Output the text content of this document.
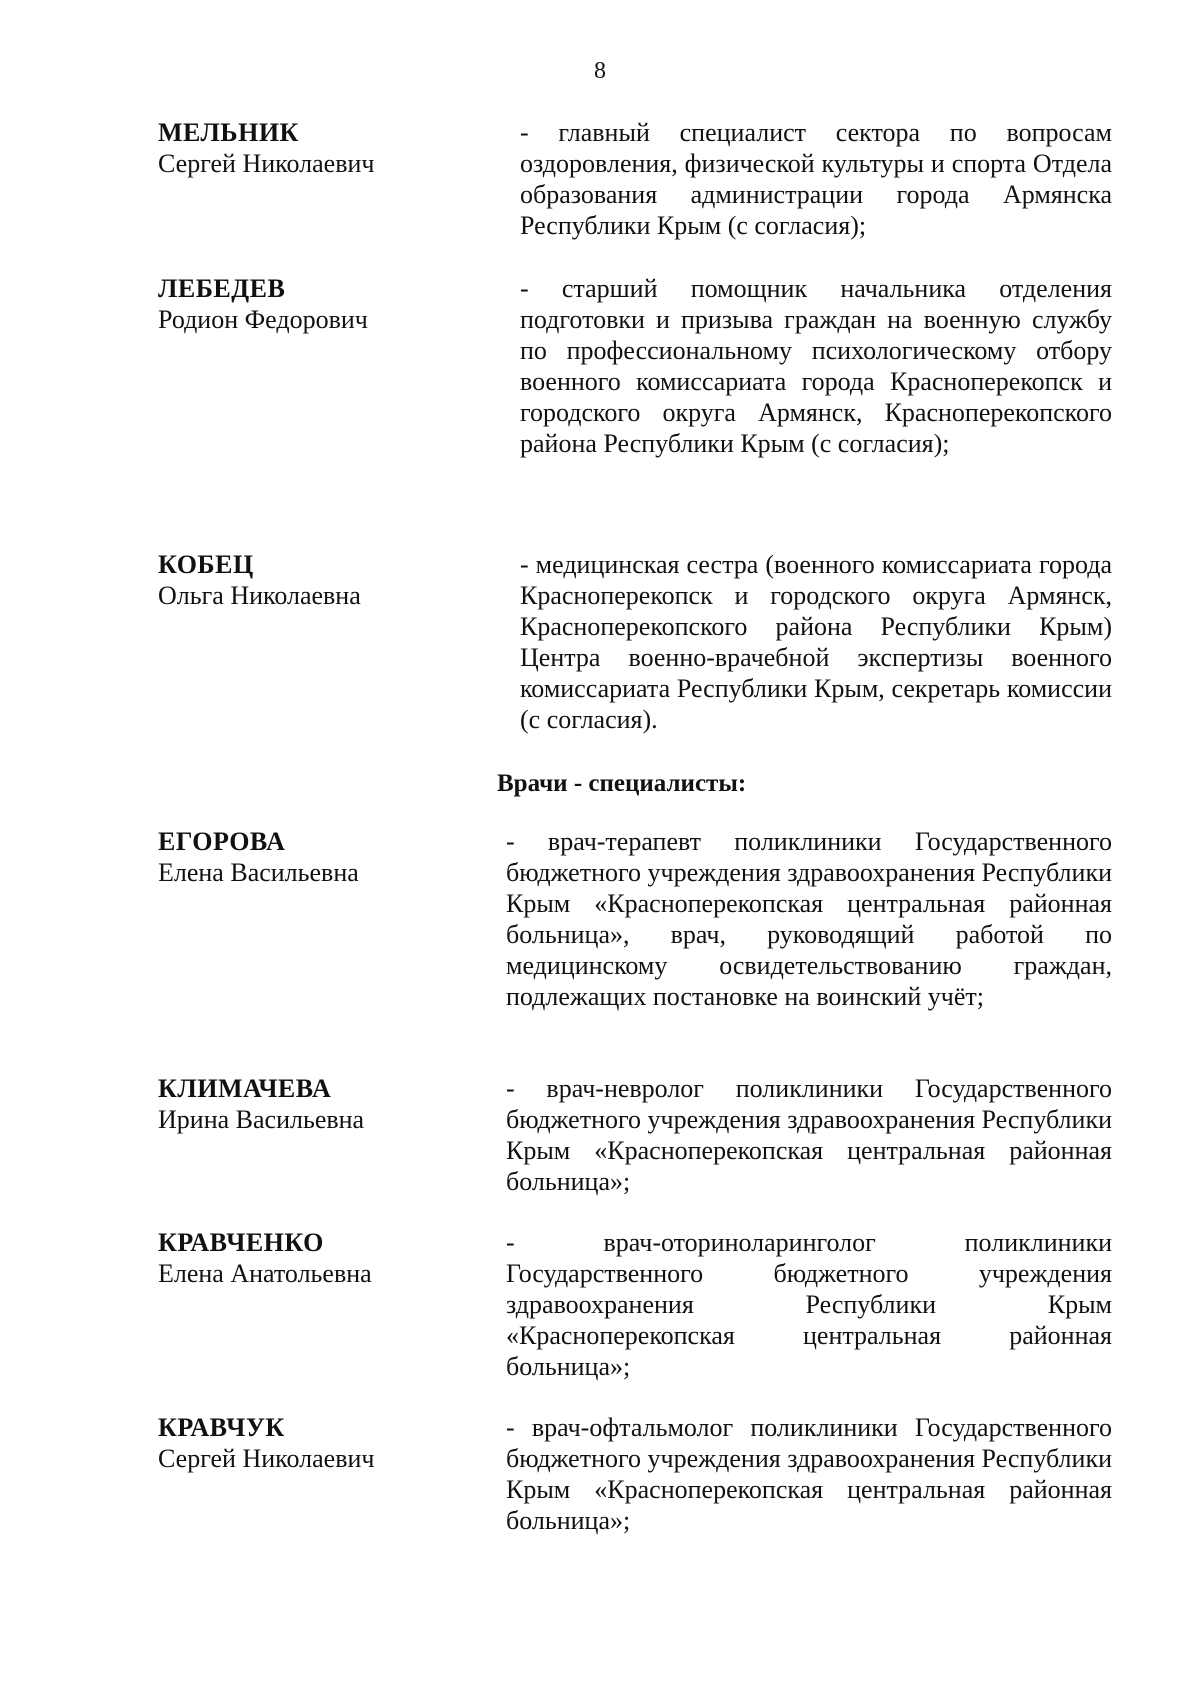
8
МЕЛЬНИК
Сергей Николаевич
- главный специалист сектора по вопросам оздоровления, физической культуры и спорта Отдела образования администрации города Армянска Республики Крым (с согласия);
ЛЕБЕДЕВ
Родион Федорович
- старший помощник начальника отделения подготовки и призыва граждан на военную службу по профессиональному психологическому отбору военного комиссариата города Красноперекопск и городского округа Армянск, Красноперекопского района Республики Крым (с согласия);
КОБЕЦ
Ольга Николаевна
- медицинская сестра (военного комиссариата города Красноперекопск и городского округа Армянск, Красноперекопского района Республики Крым) Центра военно-врачебной экспертизы военного комиссариата Республики Крым, секретарь комиссии (с согласия).
Врачи - специалисты:
ЕГОРОВА
Елена Васильевна
- врач-терапевт поликлиники Государственного бюджетного учреждения здравоохранения Республики Крым «Красноперекопская центральная районная больница», врач, руководящий работой по медицинскому освидетельствованию граждан, подлежащих постановке на воинский учёт;
КЛИМАЧЕВА
Ирина Васильевна
- врач-невролог поликлиники Государственного бюджетного учреждения здравоохранения Республики Крым «Красноперекопская центральная районная больница»;
КРАВЧЕНКО
Елена Анатольевна
- врач-оториноларинголог поликлиники Государственного бюджетного учреждения здравоохранения Республики Крым «Красноперекопская центральная районная больница»;
КРАВЧУК
Сергей Николаевич
- врач-офтальмолог поликлиники Государственного бюджетного учреждения здравоохранения Республики Крым «Красноперекопская центральная районная больница»;
